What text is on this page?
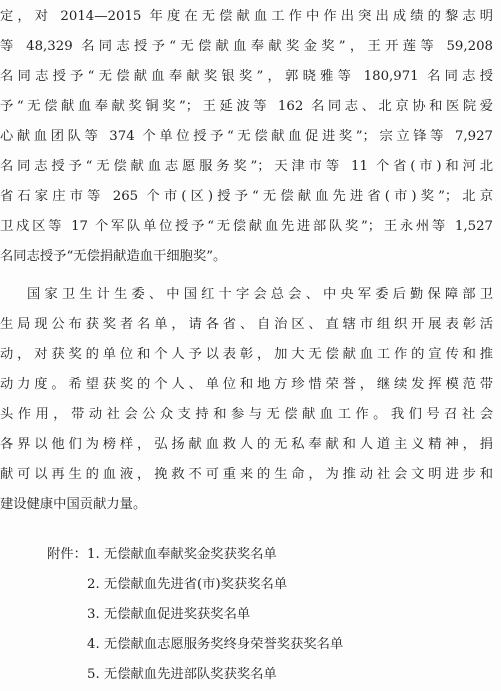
定，对 2014—2015 年度在无偿献血工作中作出突出成绩的黎志明
等 48,329 名同志授予“无偿献血奉献奖金奖”，王开莲等 59,208
名同志授予“无偿献血奉献奖银奖”，郭晓雅等 180,971 名同志授
予“无偿献血奉献奖铜奖”；王延波等 162 名同志、北京协和医院爱
心献血团队等 374 个单位授予“无偿献血促进奖”；宗立锋等 7,927
名同志授予“无偿献血志愿服务奖”；天津市等 11 个省(市)和河北
省石家庄市等 265 个市(区)授予“无偿献血先进省(市)奖”；北京
卫戍区等 17 个军队单位授予“无偿献血先进部队奖”；王永州等 1,527
名同志授予“无偿捐献造血干细胞奖”。
国家卫生计生委、中国红十字会总会、中央军委后勤保障部卫
生局现公布获奖者名单，请各省、自治区、直辖市组织开展表彰活
动，对获奖的单位和个人予以表彰，加大无偿献血工作的宣传和推
动力度。希望获奖的个人、单位和地方珍惜荣誉，继续发挥模范带
头作用，带动社会公众支持和参与无偿献血工作。我们号召社会
各界以他们为榜样，弘扬献血救人的无私奉献和人道主义精神，捐
献可以再生的血液，挽救不可重来的生命，为推动社会文明进步和
建设健康中国贡献力量。
附件： 1. 无偿献血奉献奖金奖获奖名单
2. 无偿献血先进省(市)奖获奖名单
3. 无偿献血促进奖获奖名单
4. 无偿献血志愿服务奖终身荣誉奖获奖名单
5. 无偿献血先进部队奖获奖名单
